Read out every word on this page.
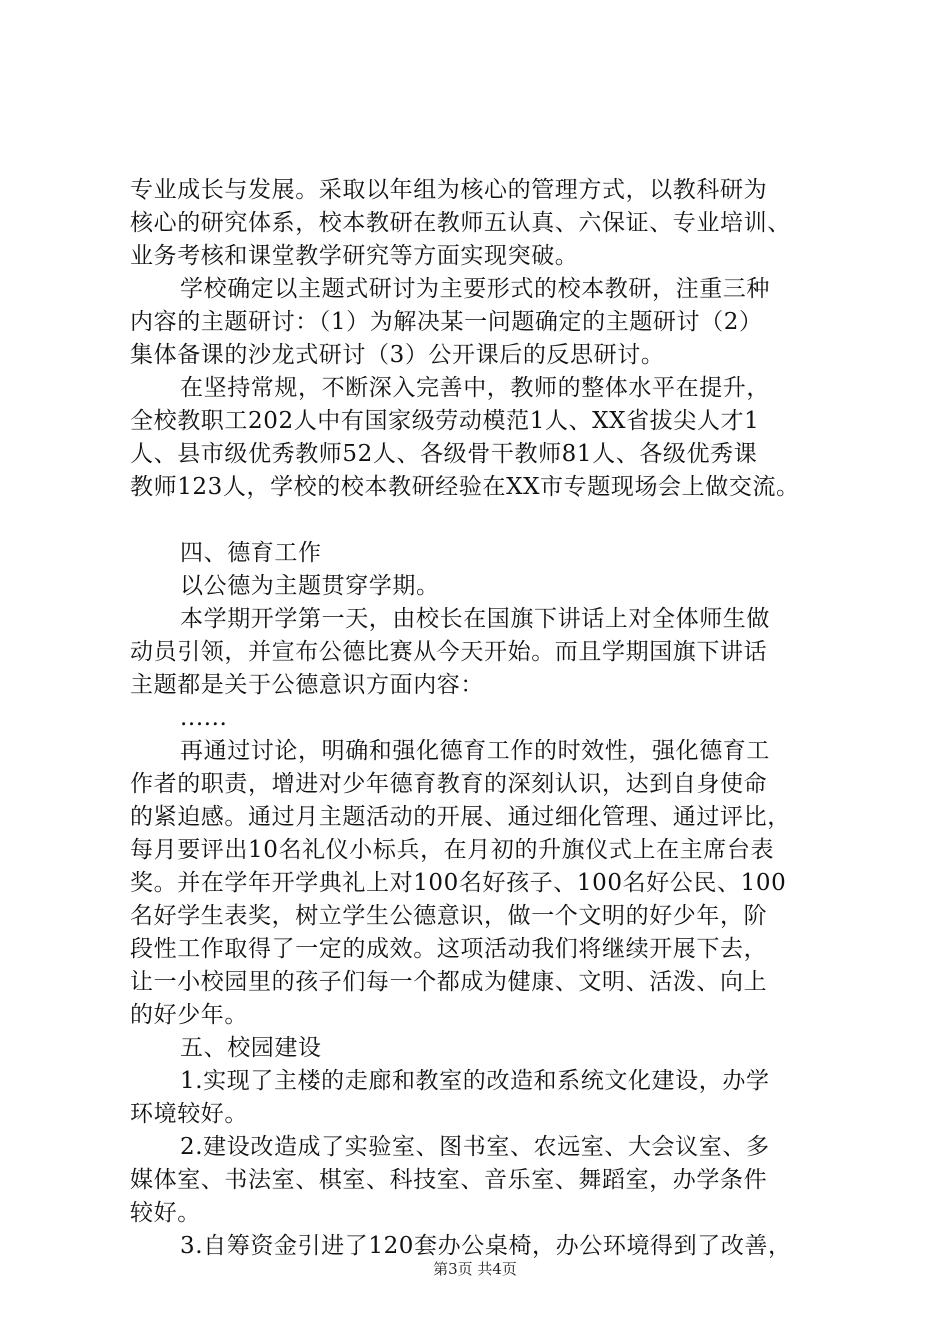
专业成长与发展。采取以年组为核心的管理方式，以教科研为
核心的研究体系，校本教研在教师五认真、六保证、专业培训、
业务考核和课堂教学研究等方面实现突破。
学校确定以主题式研讨为主要形式的校本教研，注重三种
内容的主题研讨：（1）为解决某一问题确定的主题研讨（2）
集体备课的沙龙式研讨（3）公开课后的反思研讨。
在坚持常规，不断深入完善中，教师的整体水平在提升，
全校教职工202人中有国家级劳动模范1人、XX省拔尖人才1
人、县市级优秀教师52人、各级骨干教师81人、各级优秀课
教师123人，学校的校本教研经验在XX市专题现场会上做交流。
四、德育工作
以公德为主题贯穿学期。
本学期开学第一天，由校长在国旗下讲话上对全体师生做
动员引领，并宣布公德比赛从今天开始。而且学期国旗下讲话
主题都是关于公德意识方面内容：
......
再通过讨论，明确和强化德育工作的时效性，强化德育工
作者的职责，增进对少年德育教育的深刻认识，达到自身使命
的紧迫感。通过月主题活动的开展、通过细化管理、通过评比，
每月要评出10名礼仪小标兵，在月初的升旗仪式上在主席台表
奖。并在学年开学典礼上对100名好孩子、100名好公民、100
名好学生表奖，树立学生公德意识，做一个文明的好少年，阶
段性工作取得了一定的成效。这项活动我们将继续开展下去，
让一小校园里的孩子们每一个都成为健康、文明、活泼、向上
的好少年。
五、校园建设
1.实现了主楼的走廊和教室的改造和系统文化建设，办学
环境较好。
2.建设改造成了实验室、图书室、农远室、大会议室、多
媒体室、书法室、棋室、科技室、音乐室、舞蹈室，办学条件
较好。
3.自筹资金引进了120套办公桌椅，办公环境得到了改善，
第3页 共4页
